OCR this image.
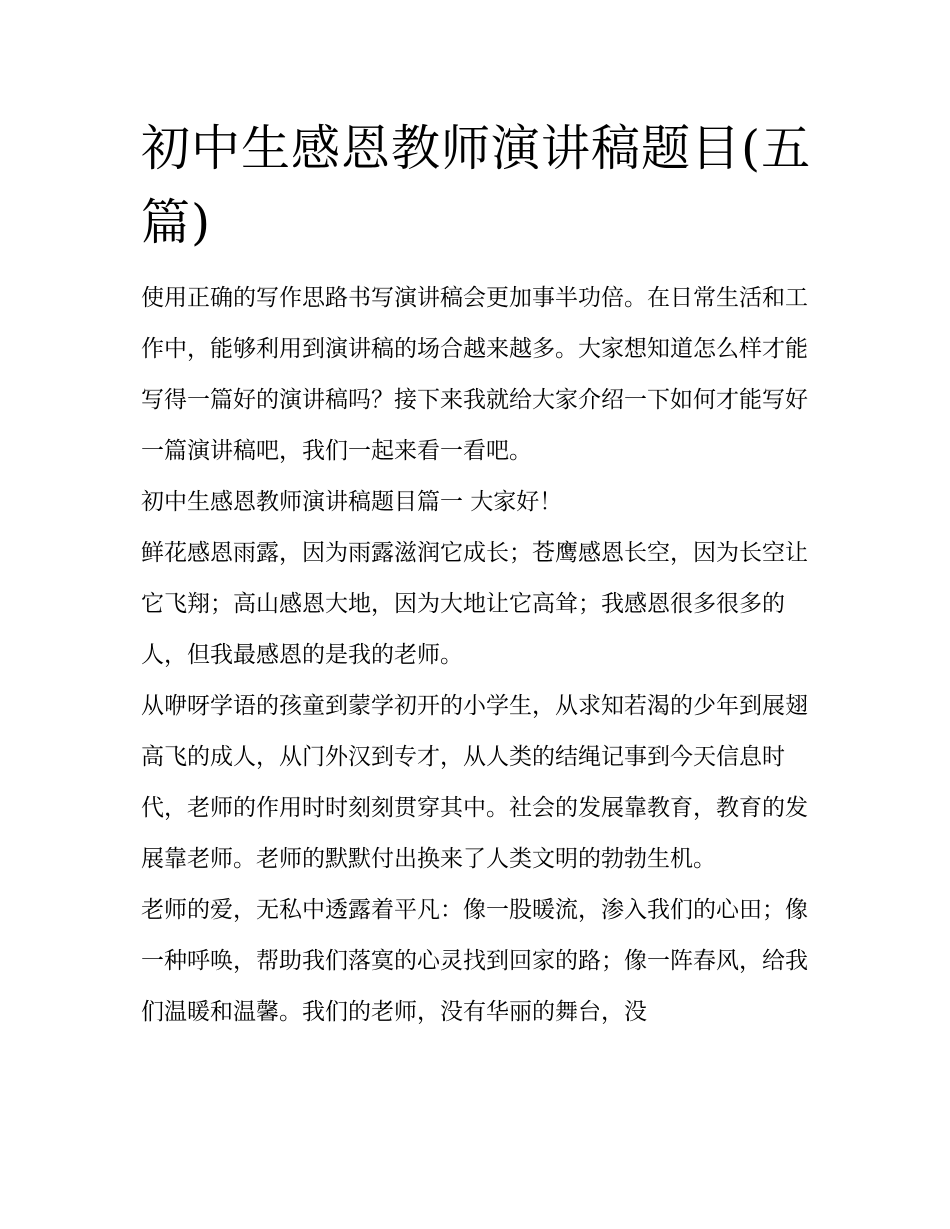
初中生感恩教师演讲稿题目(五篇)

使用正确的写作思路书写演讲稿会更加事半功倍。在日常生活和工作中，能够利用到演讲稿的场合越来越多。大家想知道怎么样才能写得一篇好的演讲稿吗？接下来我就给大家介绍一下如何才能写好一篇演讲稿吧，我们一起来看一看吧。

初中生感恩教师演讲稿题目篇一 大家好！

鲜花感恩雨露，因为雨露滋润它成长；苍鹰感恩长空，因为长空让它飞翔；高山感恩大地，因为大地让它高耸；我感恩很多很多的人，但我最感恩的是我的老师。

从咿呀学语的孩童到蒙学初开的小学生，从求知若渴的少年到展翅高飞的成人，从门外汉到专才，从人类的结绳记事到今天信息时代，老师的作用时时刻刻贯穿其中。社会的发展靠教育，教育的发展靠老师。老师的默默付出换来了人类文明的勃勃生机。

老师的爱，无私中透露着平凡：像一股暖流，渗入我们的心田；像一种呼唤，帮助我们落寞的心灵找到回家的路；像一阵春风，给我们温暖和温馨。我们的老师，没有华丽的舞台，没
